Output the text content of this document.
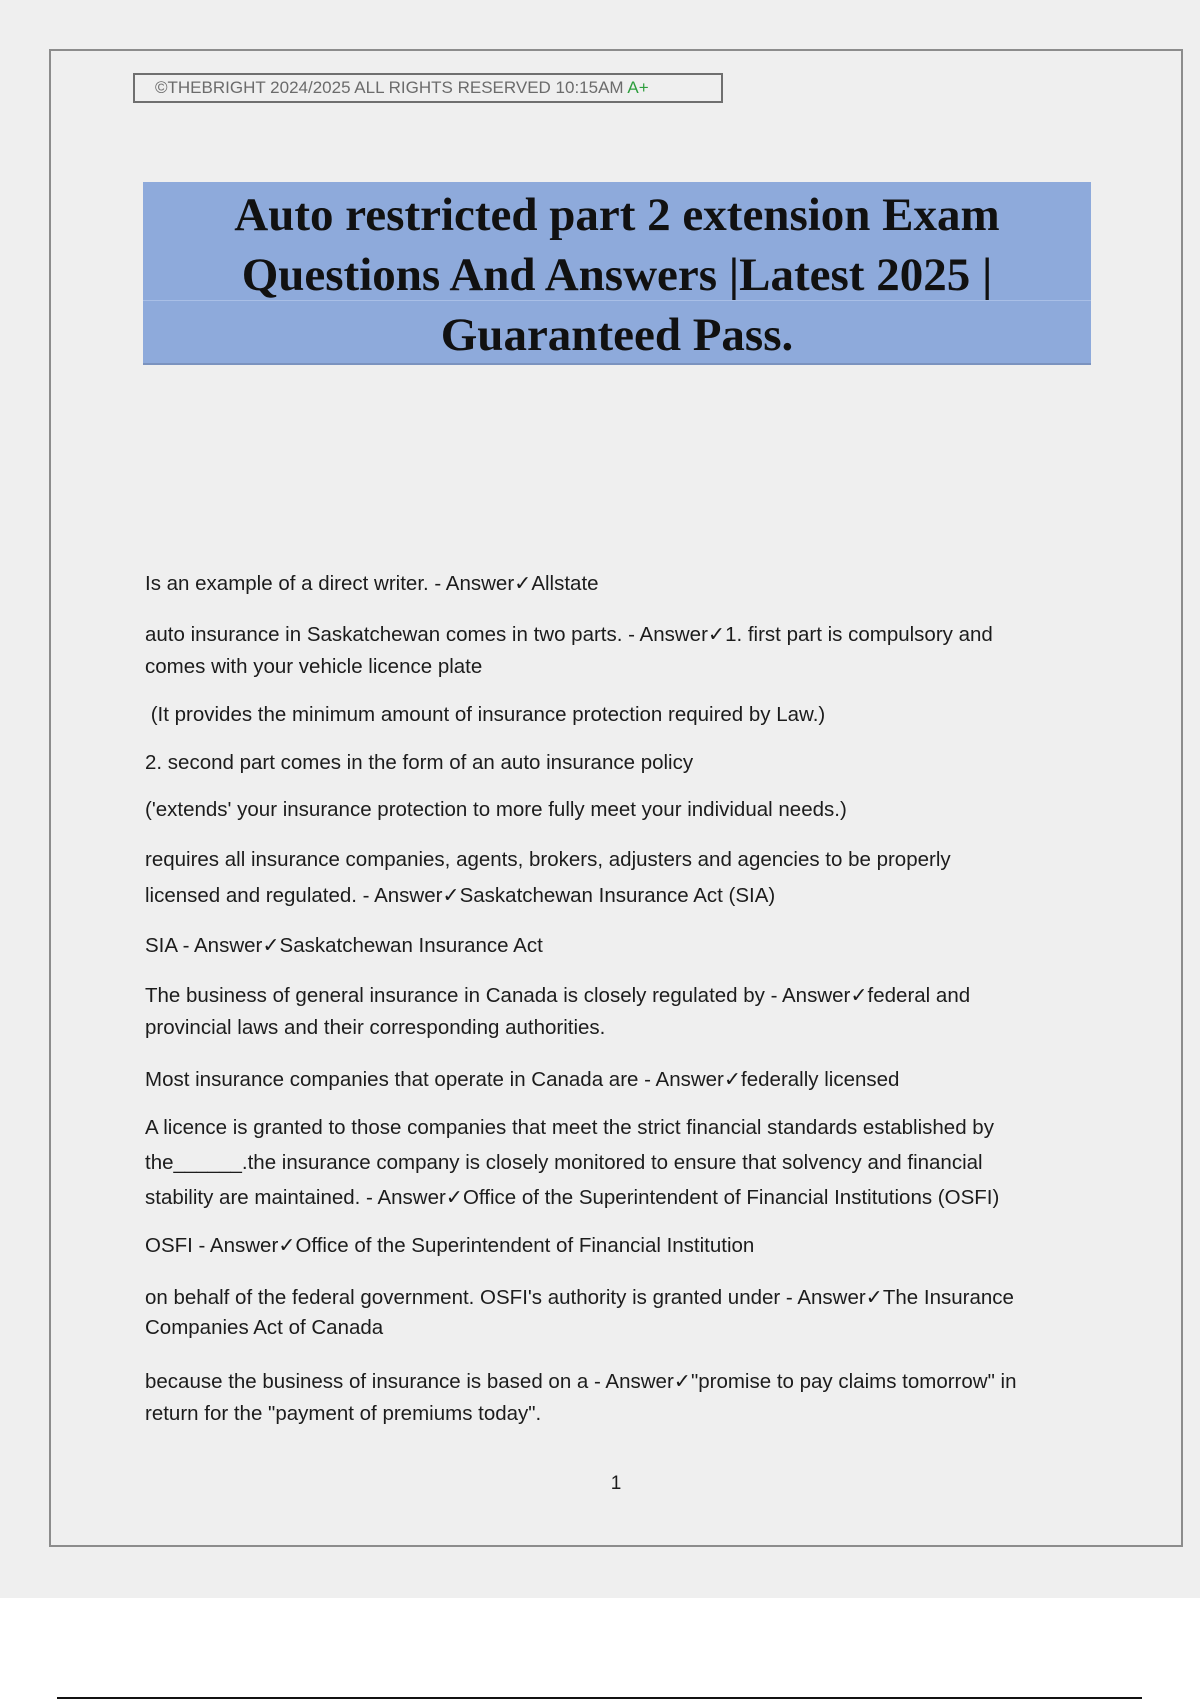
©THEBRIGHT 2024/2025 ALL RIGHTS RESERVED 10:15AM A+
Auto restricted part 2 extension Exam
Questions And Answers |Latest 2025 |
Guaranteed Pass.

Is an example of a direct writer. - Answer✓Allstate

auto insurance in Saskatchewan comes in two parts. - Answer✓1. first part is compulsory and
comes with your vehicle licence plate

(It provides the minimum amount of insurance protection required by Law.)

2. second part comes in the form of an auto insurance policy

('extends' your insurance protection to more fully meet your individual needs.)

requires all insurance companies, agents, brokers, adjusters and agencies to be properly
licensed and regulated. - Answer✓Saskatchewan Insurance Act (SIA)

SIA - Answer✓Saskatchewan Insurance Act

The business of general insurance in Canada is closely regulated by - Answer✓federal and
provincial laws and their corresponding authorities.

Most insurance companies that operate in Canada are - Answer✓federally licensed

A licence is granted to those companies that meet the strict financial standards established by
the______.the insurance company is closely monitored to ensure that solvency and financial
stability are maintained. - Answer✓Office of the Superintendent of Financial Institutions (OSFI)

OSFI - Answer✓Office of the Superintendent of Financial Institution

on behalf of the federal government. OSFI's authority is granted under - Answer✓The Insurance
Companies Act of Canada

because the business of insurance is based on a - Answer✓"promise to pay claims tomorrow" in
return for the "payment of premiums today".

1
